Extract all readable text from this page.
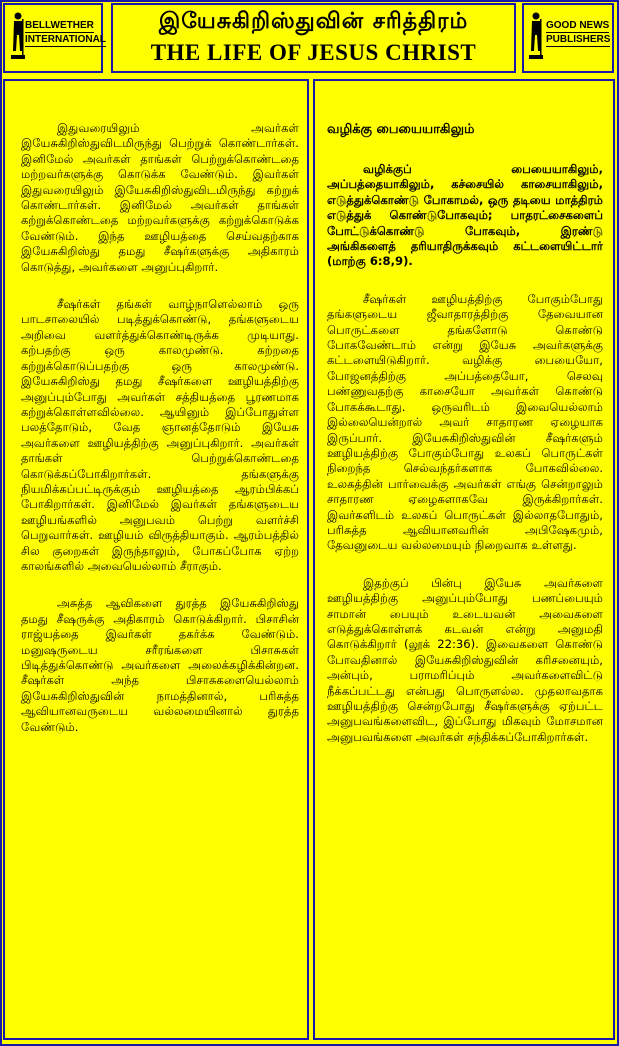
BELLWETHER
INTERNATIONAL
இயேசுகிறிஸ்துவின் சரித்திரம்
THE LIFE OF JESUS CHRIST
GOOD NEWS
PUBLISHERS

இதுவரையிலும் அவர்கள் இயேசுகிறிஸ்துவிடமிருந்து பெற்றுக் கொண்டார்கள். இனிமேல் அவர்கள் தாங்கள் பெற்றுக்கொண்டதை மற்றவர்களுக்கு கொடுக்க வேண்டும். இவர்கள் இதுவரையிலும் இயேசுகிறிஸ்துவிடமிருந்து கற்றுக் கொண்டார்கள். இனிமேல் அவர்கள் தாங்கள் கற்றுக்கொண்டதை மற்றவர்களுக்கு கற்றுக்கொடுக்க வேண்டும். இந்த ஊழியத்தை செய்வதற்காக இயேசுகிறிஸ்து தமது சீஷர்களுக்கு அதிகாரம் கொடுத்து, அவர்களை அனுப்புகிறார்.

சீஷர்கள் தங்கள் வாழ்நாளெல்லாம் ஒரு பாடசாலையில் படித்துக்கொண்டு, தங்களுடைய அறிவை வளர்த்துக்கொண்டிருக்க முடியாது. கற்பதற்கு ஒரு காலமுண்டு. கற்றதை கற்றுக்கொடுப்பதற்கு ஒரு காலமுண்டு. இயேசுகிறிஸ்து தமது சீஷர்களை ஊழியத்திற்கு அனுப்பும்போது அவர்கள் சத்தியத்தை பூரணமாக கற்றுக்கொள்ளவில்லை. ஆயினும் இப்போதுள்ள பலத்தோடும், வேத ஞானத்தோடும் இயேசு அவர்களை ஊழியத்திற்கு அனுப்புகிறார். அவர்கள் தாங்கள் பெற்றுக்கொண்டதை கொடுக்கப்போகிறார்கள். தங்களுக்கு நியமிக்கப்பட்டிருக்கும் ஊழியத்தை ஆரம்பிக்கப் போகிறார்கள். இனிமேல் இவர்கள் தங்களுடைய ஊழியங்களில் அனுபவம் பெற்று வளர்ச்சி பெறுவார்கள். ஊழியம் விருத்தியாகும். ஆரம்பத்தில் சில குறைகள் இருந்தாலும், போகப்போக ஏற்ற காலங்களில் அவையெல்லாம் சீராகும்.

அசுத்த ஆவிகளை துரத்த இயேசுகிறிஸ்து தமது சீஷருக்கு அதிகாரம் கொடுக்கிறார். பிசாசின் ராஜ்யத்தை இவர்கள் தகர்க்க வேண்டும். மனுஷருடைய சரீரங்களை பிசாசுகள் பிடித்துக்கொண்டு அவர்களை அலைக்கழிக்கின்றன. சீஷர்கள் அந்த பிசாசுகளையெல்லாம் இயேசுகிறிஸ்துவின் நாமத்தினால், பரிசுத்த ஆவியானவருடைய வல்லமையினால் துரத்த வேண்டும்.

வழிக்கு பையையாகிலும்

வழிக்குப் பையையாகிலும், அப்பத்தையாகிலும், கச்சையில் காசையாகிலும், எடுத்துக்கொண்டு போகாமல், ஒரு தடியை மாத்திரம் எடுத்துக் கொண்டுபோகவும்; பாதரட்சைகளைப் போட்டுக்கொண்டு போகவும், இரண்டு அங்கிகளைத் தரியாதிருக்கவும் கட்டளையிட்டார் (மாற்கு 6:8,9).

சீஷர்கள் ஊழியத்திற்கு போகும்போது தங்களுடைய ஜீவாதாரத்திற்கு தேவையான பொருட்களை தங்களோடு கொண்டு போகவேண்டாம் என்று இயேசு அவர்களுக்கு கட்டளையிடுகிறார். வழிக்கு பையையோ, போஜனத்திற்கு அப்பத்தையோ, செலவு பண்ணுவதற்கு காசையோ அவர்கள் கொண்டு போகக்கூடாது. ஒருவரிடம் இவையெல்லாம் இல்லையென்றால் அவர் சாதாரண ஏழையாக இருப்பார். இயேசுகிறிஸ்துவின் சீஷர்களும் ஊழியத்திற்கு போகும்போது உலகப் பொருட்கள் நிறைந்த செல்வந்தர்களாக போகவில்லை. உலகத்தின் பார்வைக்கு அவர்கள் எங்கு சென்றாலும் சாதாரண ஏழைகளாகவே இருக்கிறார்கள். இவர்களிடம் உலகப் பொருட்கள் இல்லாதபோதும், பரிசுத்த ஆவியானவரின் அபிஷேகமும், தேவனுடைய வல்லமையும் நிறைவாக உள்ளது.

இதற்குப் பின்பு இயேசு அவர்களை ஊழியத்திற்கு அனுப்பும்போது பணப்பையும் சாமான் பையும் உடையவன் அவைகளை எடுத்துக்கொள்ளக் கடவன் என்று அனுமதி கொடுக்கிறார் (லூக் 22:36). இவைகளை கொண்டு போவதினால் இயேசுகிறிஸ்துவின் கரிசனையும், அன்பும், பராமரிப்பும் அவர்களைவிட்டு நீக்கப்பட்டது என்பது பொருளல்ல. முதலாவதாக ஊழியத்திற்கு சென்றபோது சீஷர்களுக்கு ஏற்பட்ட அனுபவங்களைவிட, இப்போது மிகவும் மோசமான அனுபவங்களை அவர்கள் சந்திக்கப்போகிறார்கள்.
